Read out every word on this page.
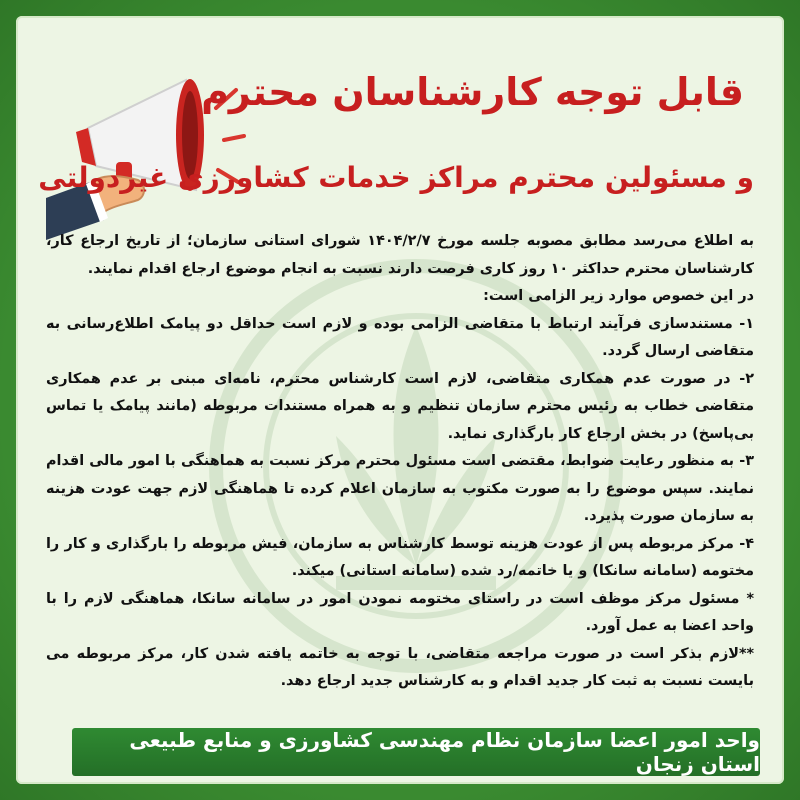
قابل توجه کارشناسان محترم
و مسئولین محترم مراکز خدمات کشاورزی غیردولتی

به اطلاع می‌رسد مطابق مصوبه جلسه مورخ ۱۴۰۴/۲/۷ شورای استانی سازمان؛ از تاریخ ارجاع کار، کارشناسان محترم حداکثر ۱۰ روز کاری فرصت دارند نسبت به انجام موضوع ارجاع اقدام نمایند.

در این خصوص موارد زیر الزامی است:

۱- مستندسازی فرآیند ارتباط با متقاضی الزامی بوده و لازم است حداقل دو پیامک اطلاع‌رسانی به متقاضی ارسال گردد.

۲- در صورت عدم همکاری متقاضی، لازم است کارشناس محترم، نامه‌ای مبنی بر عدم همکاری متقاضی خطاب به رئیس محترم سازمان تنظیم و به همراه مستندات مربوطه (مانند پیامک یا تماس بی‌پاسخ) در بخش ارجاع کار بارگذاری نماید.

۳- به منظور رعایت ضوابط، مقتضی است مسئول محترم مرکز نسبت به هماهنگی با امور مالی اقدام نمایند. سپس موضوع را به صورت مکتوب به سازمان اعلام کرده تا هماهنگی لازم جهت عودت هزینه به سازمان صورت پذیرد.

۴- مرکز مربوطه پس از عودت هزینه توسط کارشناس به سازمان، فیش مربوطه را بارگذاری و کار را مختومه (سامانه سانکا) و یا خاتمه/رد شده (سامانه استانی) میکند.

* مسئول مرکز موظف است در راستای مختومه نمودن امور در سامانه سانکا، هماهنگی لازم را با واحد اعضا به عمل آورد.

**لازم بذکر است در صورت مراجعه متقاضی، با توجه به خاتمه یافته شدن کار، مرکز مربوطه می بایست نسبت به ثبت کار جدید اقدام و به کارشناس جدید ارجاع دهد.

واحد امور اعضا سازمان نظام مهندسی کشاورزی و منابع طبیعی استان زنجان
